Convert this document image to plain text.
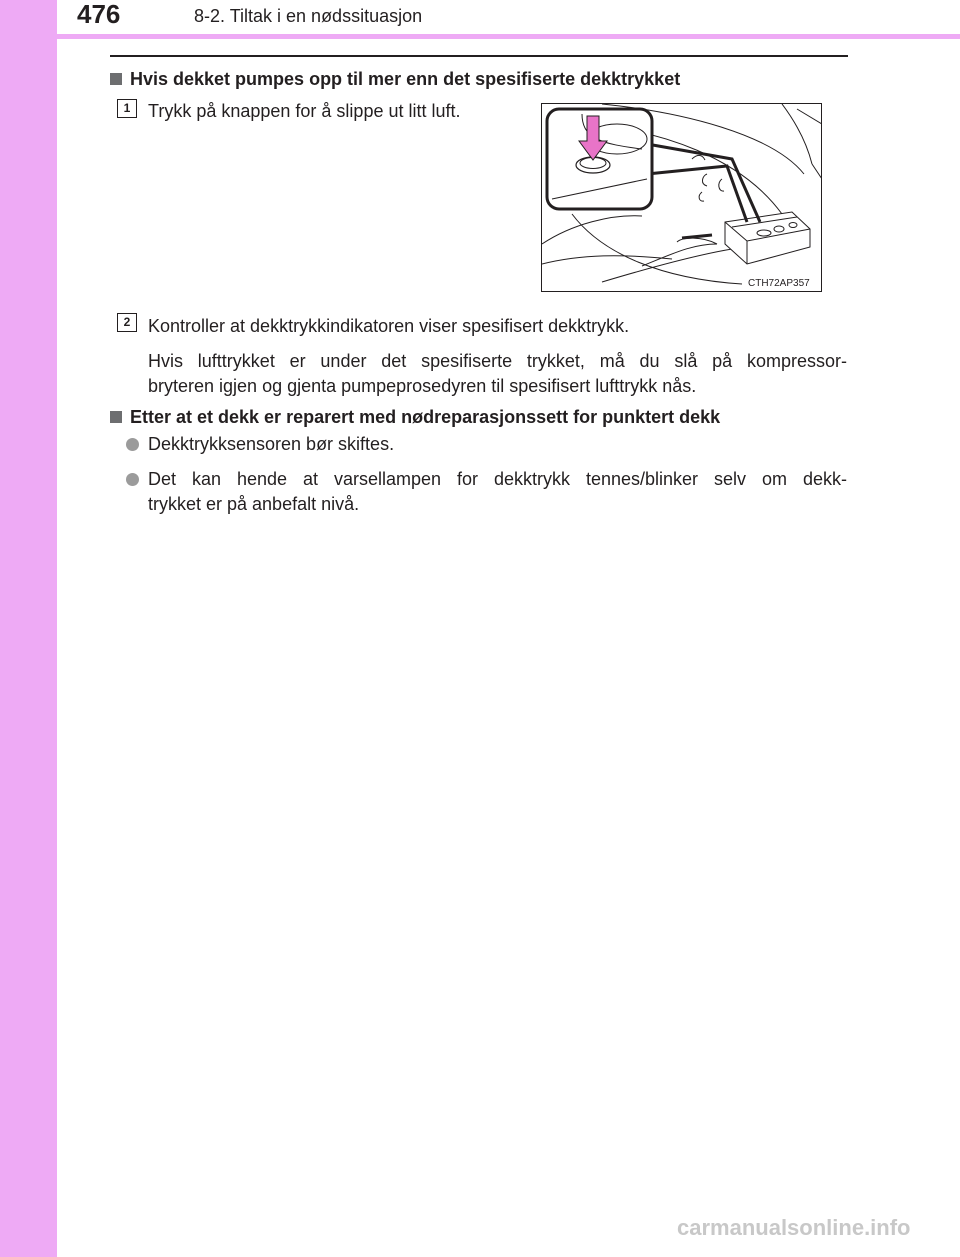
476	8-2. Tiltak i en nødssituasjon
Hvis dekket pumpes opp til mer enn det spesifiserte dekktrykket
1 Trykk på knappen for å slippe ut litt luft.
CTH72AP357
2 Kontroller at dekktrykkindikatoren viser spesifisert dekktrykk.
Hvis lufttrykket er under det spesifiserte trykket, må du slå på kompressor-
bryteren igjen og gjenta pumpeprosedyren til spesifisert lufttrykk nås.
Etter at et dekk er reparert med nødreparasjonssett for punktert dekk
Dekktrykksensoren bør skiftes.
Det kan hende at varsellampen for dekktrykk tennes/blinker selv om dekk-
trykket er på anbefalt nivå.
carmanualsonline.info
